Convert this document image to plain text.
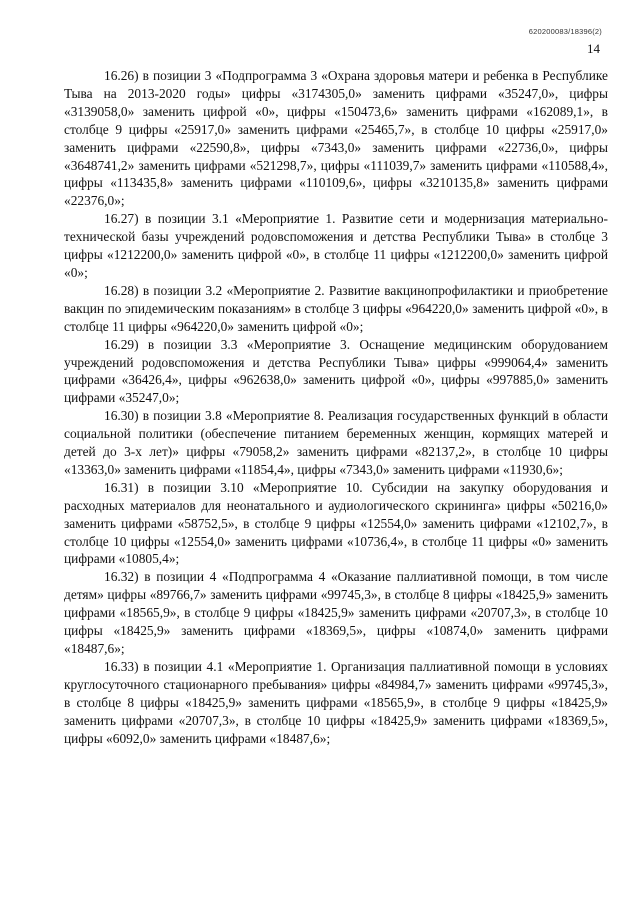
620200083/18396(2)
14

16.26) в позиции 3 «Подпрограмма 3 «Охрана здоровья матери и ребенка в Республике Тыва на 2013-2020 годы» цифры «3174305,0» заменить цифрами «35247,0», цифры «3139058,0» заменить цифрой «0», цифры «150473,6» заменить цифрами «162089,1», в столбце 9 цифры «25917,0» заменить цифрами «25465,7», в столбце 10 цифры «25917,0» заменить цифрами «22590,8», цифры «7343,0» заменить цифрами «22736,0», цифры «3648741,2» заменить цифрами «521298,7», цифры «111039,7» заменить цифрами «110588,4», цифры «113435,8» заменить цифрами «110109,6», цифры «3210135,8» заменить цифрами «22376,0»;

16.27) в позиции 3.1 «Мероприятие 1. Развитие сети и модернизация материально-технической базы учреждений родовспоможения и детства Республики Тыва» в столбце 3 цифры «1212200,0» заменить цифрой «0», в столбце 11 цифры «1212200,0» заменить цифрой «0»;

16.28) в позиции 3.2 «Мероприятие 2. Развитие вакцинопрофилактики и приобретение вакцин по эпидемическим показаниям» в столбце 3 цифры «964220,0» заменить цифрой «0», в столбце 11 цифры «964220,0» заменить цифрой «0»;

16.29) в позиции 3.3 «Мероприятие 3. Оснащение медицинским оборудованием учреждений родовспоможения и детства Республики Тыва» цифры «999064,4» заменить цифрами «36426,4», цифры «962638,0» заменить цифрой «0», цифры «997885,0» заменить цифрами «35247,0»;

16.30) в позиции 3.8 «Мероприятие 8. Реализация государственных функций в области социальной политики (обеспечение питанием беременных женщин, кормящих матерей и детей до 3-х лет)» цифры «79058,2» заменить цифрами «82137,2», в столбце 10 цифры «13363,0» заменить цифрами «11854,4», цифры «7343,0» заменить цифрами «11930,6»;

16.31) в позиции 3.10 «Мероприятие 10. Субсидии на закупку оборудования и расходных материалов для неонатального и аудиологического скрининга» цифры «50216,0» заменить цифрами «58752,5», в столбце 9 цифры «12554,0» заменить цифрами «12102,7», в столбце 10 цифры «12554,0» заменить цифрами «10736,4», в столбце 11 цифры «0» заменить цифрами «10805,4»;

16.32) в позиции 4 «Подпрограмма 4 «Оказание паллиативной помощи, в том числе детям» цифры «89766,7» заменить цифрами «99745,3», в столбце 8 цифры «18425,9» заменить цифрами «18565,9», в столбце 9 цифры «18425,9» заменить цифрами «20707,3», в столбце 10 цифры «18425,9» заменить цифрами «18369,5», цифры «10874,0» заменить цифрами «18487,6»;

16.33) в позиции 4.1 «Мероприятие 1. Организация паллиативной помощи в условиях круглосуточного стационарного пребывания» цифры «84984,7» заменить цифрами «99745,3», в столбце 8 цифры «18425,9» заменить цифрами «18565,9», в столбце 9 цифры «18425,9» заменить цифрами «20707,3», в столбце 10 цифры «18425,9» заменить цифрами «18369,5», цифры «6092,0» заменить цифрами «18487,6»;
